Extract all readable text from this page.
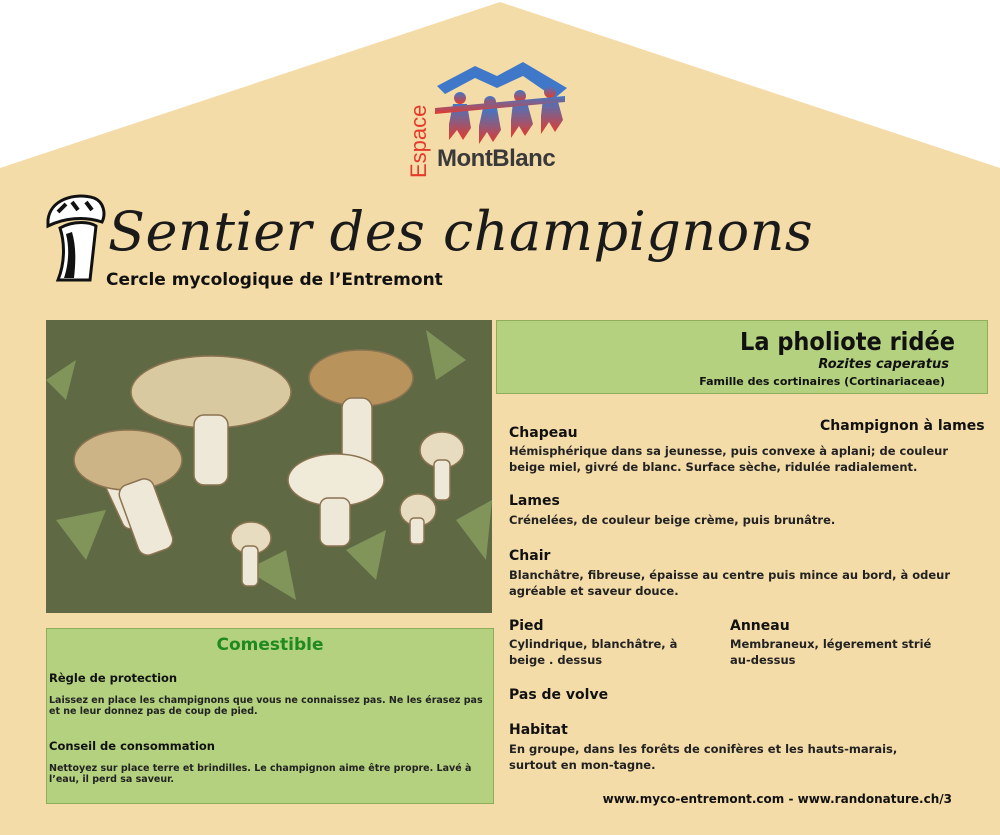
Espace MontBlanc
Sentier des champignons
Cercle mycologique de l’Entremont
La pholiote ridée
Rozites caperatus
Famille des cortinaires (Cortinariaceae)
Champignon à lames
Chapeau
Hémisphérique dans sa jeunesse, puis convexe à aplani; de couleur beige miel, givré de blanc. Surface sèche, ridulée radialement.
Lames
Crénelées, de couleur beige crème, puis brunâtre.
Chair
Blanchâtre, fibreuse, épaisse au centre puis mince au bord, à odeur agréable et saveur douce.
Pied
Cylindrique, blanchâtre, à beige . dessus
Anneau
Membraneux, légerement strié au-dessus
Pas de volve
Habitat
En groupe, dans les forêts de conifères et les hauts-marais, surtout en mon-tagne.
Comestible
Règle de protection
Laissez en place les champignons que vous ne connaissez pas. Ne les érasez pas et ne leur donnez pas de coup de pied.
Conseil de consommation
Nettoyez sur place terre et brindilles. Le champignon aime être propre. Lavé à l’eau, il perd sa saveur.
www.myco-entremont.com - www.randonature.ch/3
